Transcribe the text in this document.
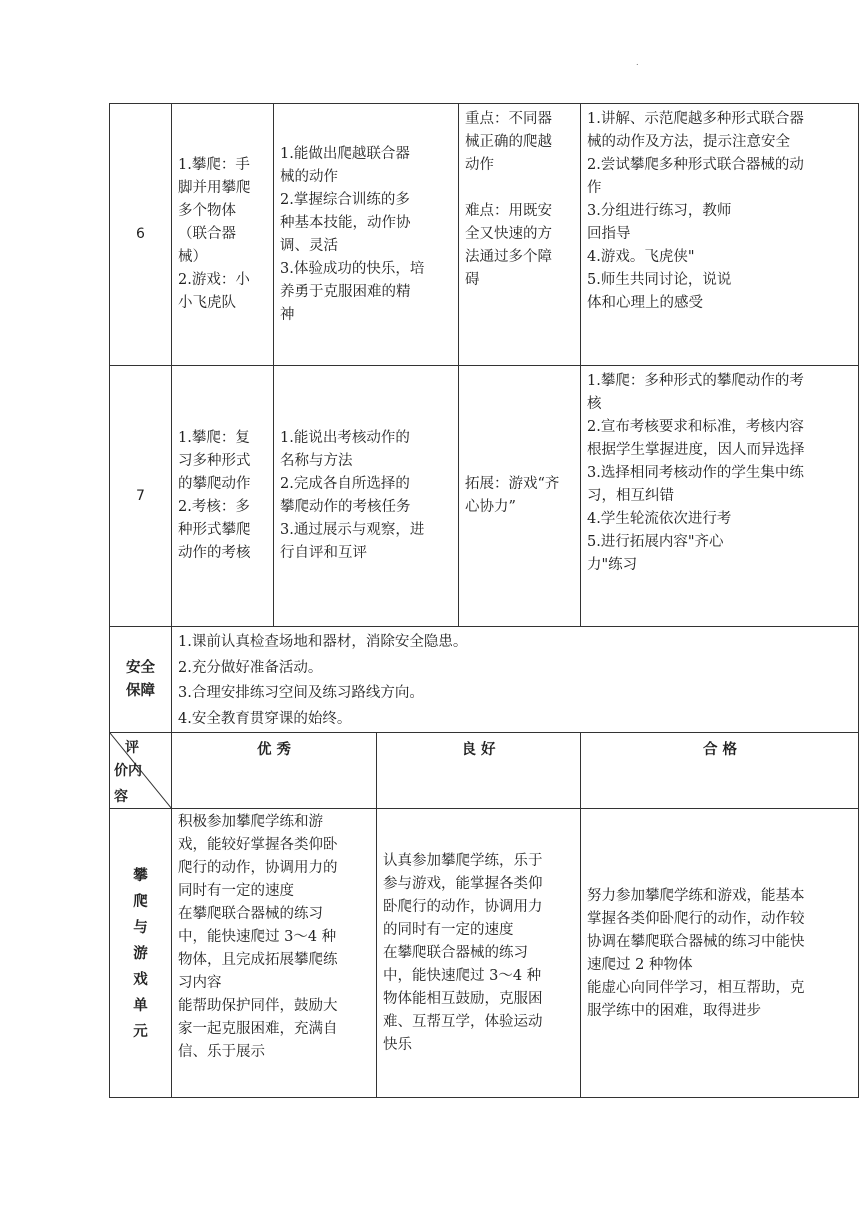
.
6
1.攀爬：手
脚并用攀爬
多个物体
（联合器
械）
2.游戏：小
小飞虎队
1.能做出爬越联合器
械的动作
2.掌握综合训练的多
种基本技能，动作协
调、灵活
3.体验成功的快乐，培
养勇于克服困难的精
神
重点：不同器
械正确的爬越
动作

难点：用既安
全又快速的方
法通过多个障
碍
1.讲解、示范爬越多种形式联合器
械的动作及方法，提示注意安全
2.尝试攀爬多种形式联合器械的动
作
3.分组进行练习，教师
回指导
4.游戏。飞虎侠"
5.师生共同讨论，说说
体和心理上的感受
7
1.攀爬：复
习多种形式
的攀爬动作
2.考核：多
种形式攀爬
动作的考核
1.能说出考核动作的
名称与方法
2.完成各自所选择的
攀爬动作的考核任务
3.通过展示与观察，进
行自评和互评
拓展：游戏“齐
心协力”
1.攀爬：多种形式的攀爬动作的考
核
2.宣布考核要求和标准，考核内容
根据学生掌握进度，因人而异选择
3.选择相同考核动作的学生集中练
习，相互纠错
4.学生轮流依次进行考
5.进行拓展内容"齐心
力"练习
安全
保障
1.课前认真检查场地和器材，消除安全隐患。
2.充分做好准备活动。
3.合理安排练习空间及练习路线方向。
4.安全教育贯穿课的始终。
评
价内
容
优 秀	良 好	合 格
攀
爬
与
游
戏
单
元
积极参加攀爬学练和游
戏，能较好掌握各类仰卧
爬行的动作，协调用力的
同时有一定的速度
在攀爬联合器械的练习
中，能快速爬过 3～4 种
物体，且完成拓展攀爬练
习内容
能帮助保护同伴，鼓励大
家一起克服困难，充满自
信、乐于展示
认真参加攀爬学练，乐于
参与游戏，能掌握各类仰
卧爬行的动作，协调用力
的同时有一定的速度
在攀爬联合器械的练习
中，能快速爬过 3～4 种
物体能相互鼓励，克服困
难、互帮互学，体验运动
快乐
努力参加攀爬学练和游戏，能基本
掌握各类仰卧爬行的动作，动作较
协调在攀爬联合器械的练习中能快
速爬过 2 种物体
能虚心向同伴学习，相互帮助，克
服学练中的困难，取得进步
